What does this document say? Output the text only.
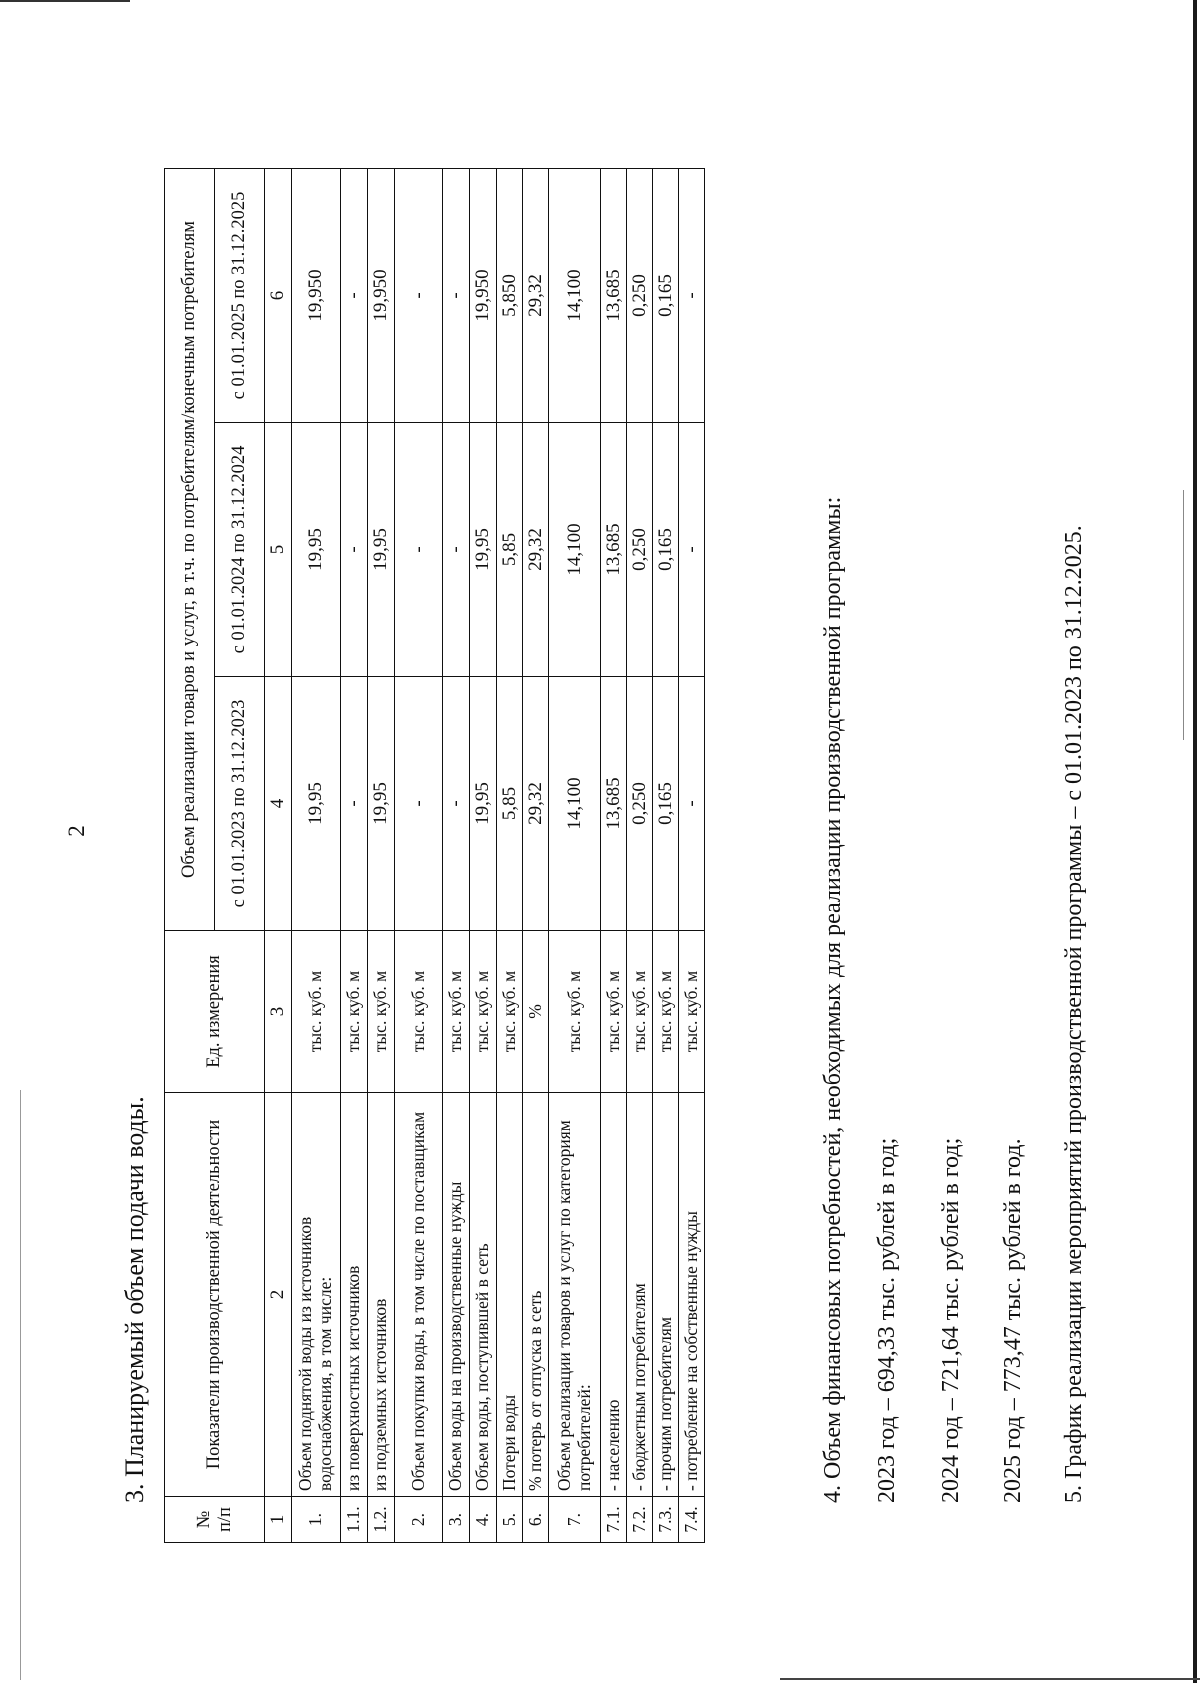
2
3. Планируемый объем подачи воды.
№ п/п	Показатели производственной деятельности	Ед. измерения	Объем реализации товаров и услуг, в т.ч. по потребителям/конечным потребителям		
			с 01.01.2023 по 31.12.2023	с 01.01.2024 по 31.12.2024	с 01.01.2025 по 31.12.2025
1	2	3	4	5	6
1.	Объем поднятой воды из источников водоснабжения, в том числе:	тыс. куб. м	19,95	19,95	19,950
1.1.	из поверхностных источников	тыс. куб. м	-	-	-
1.2.	из подземных источников	тыс. куб. м	19,95	19,95	19,950
2.	Объем покупки воды, в том числе по поставщикам	тыс. куб. м	-	-	-
3.	Объем воды на производственные нужды	тыс. куб. м	-	-	-
4.	Объем воды, поступившей в сеть	тыс. куб. м	19,95	19,95	19,950
5.	Потери воды	тыс. куб. м	5,85	5,85	5,850
6.	% потерь от отпуска в сеть	%	29,32	29,32	29,32
7.	Объем реализации товаров и услуг по категориям потребителей:	тыс. куб. м	14,100	14,100	14,100
7.1.	- населению	тыс. куб. м	13,685	13,685	13,685
7.2.	- бюджетным потребителям	тыс. куб. м	0,250	0,250	0,250
7.3.	- прочим потребителям	тыс. куб. м	0,165	0,165	0,165
7.4.	- потребление на собственные нужды	тыс. куб. м	-	-	-
4. Объем финансовых потребностей, необходимых для реализации производственной программы: 2023 год – 694,33 тыс. рублей в год; 2024 год – 721,64 тыс. рублей в год; 2025 год – 773,47 тыс. рублей в год. 5. График реализации мероприятий производственной программы – с 01.01.2023 по 31.12.2025.
